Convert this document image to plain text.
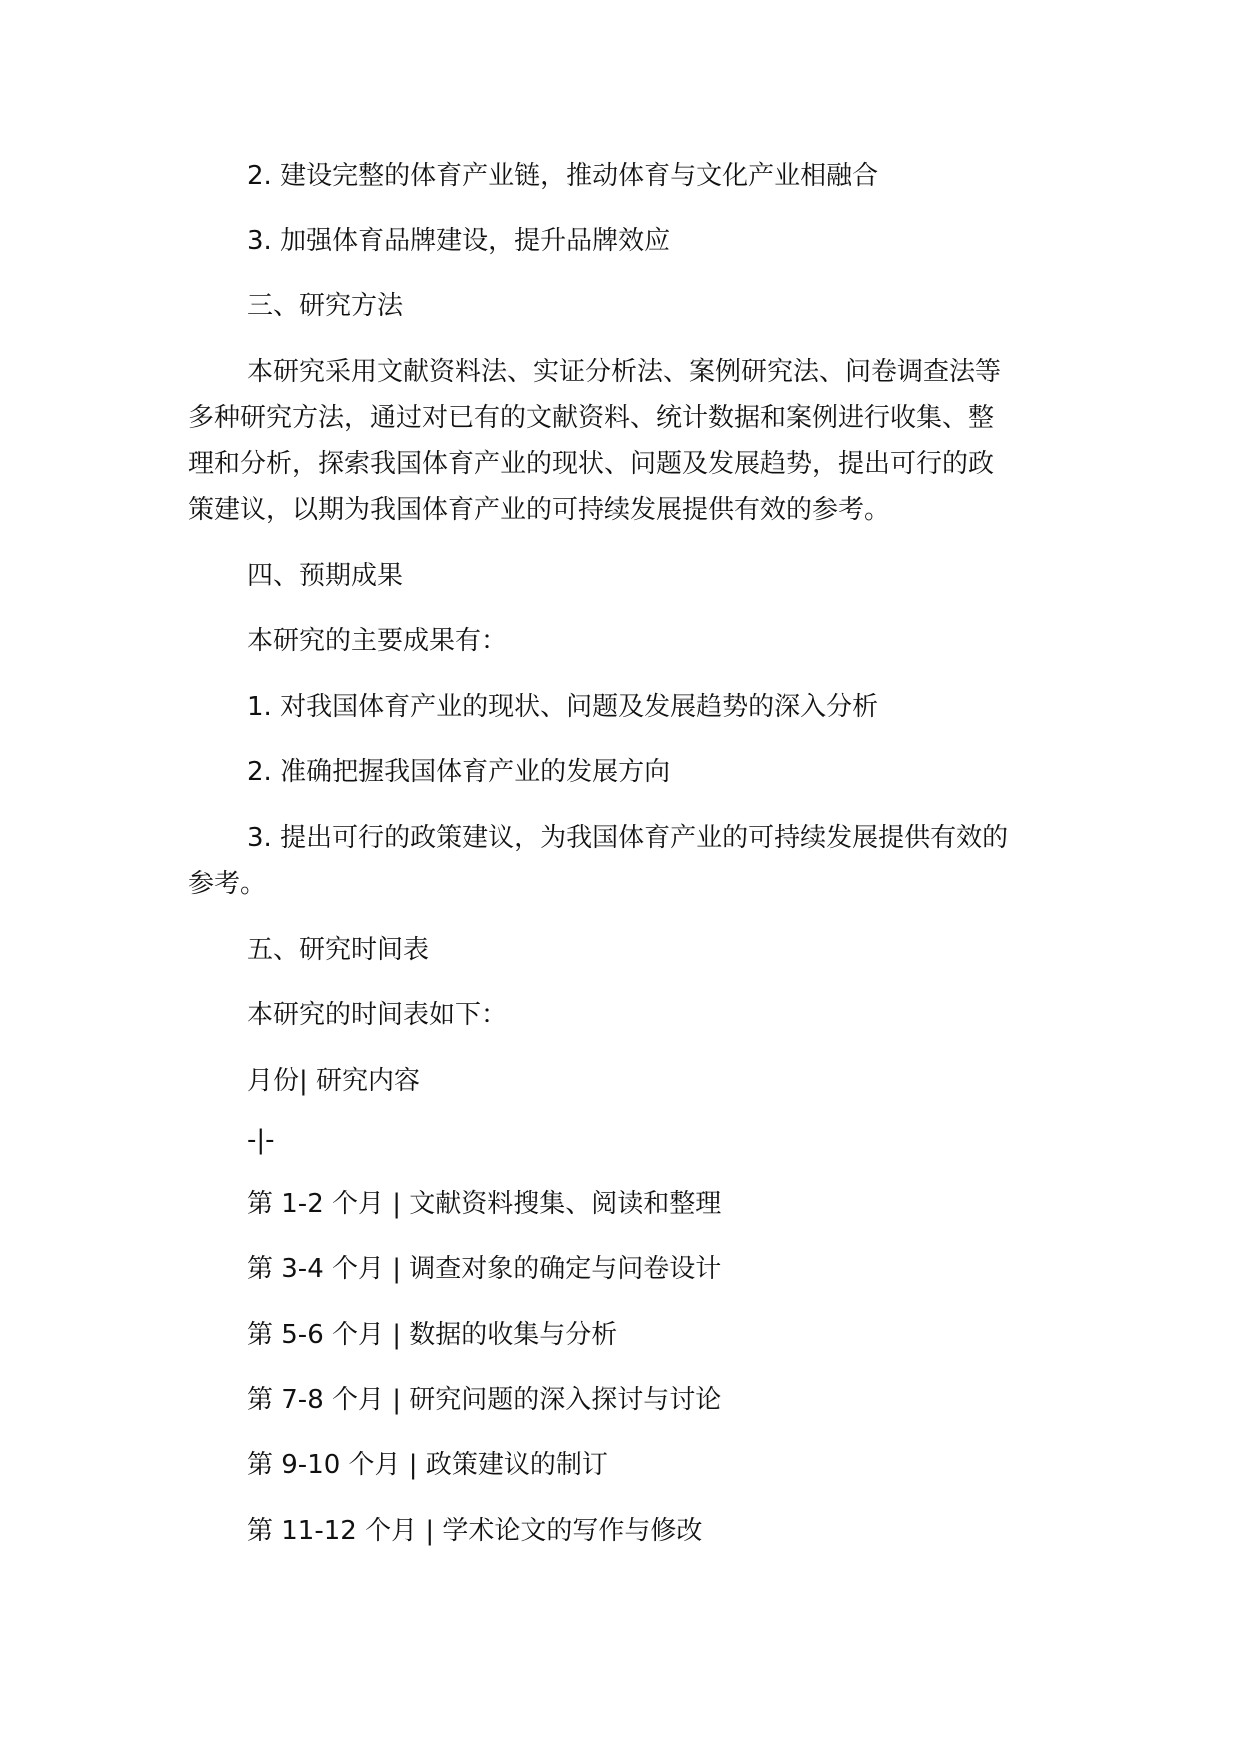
2. 建设完整的体育产业链，推动体育与文化产业相融合

3. 加强体育品牌建设，提升品牌效应

三、研究方法

本研究采用文献资料法、实证分析法、案例研究法、问卷调查法等

多种研究方法，通过对已有的文献资料、统计数据和案例进行收集、整

理和分析，探索我国体育产业的现状、问题及发展趋势，提出可行的政

策建议，以期为我国体育产业的可持续发展提供有效的参考。

四、预期成果

本研究的主要成果有：

1. 对我国体育产业的现状、问题及发展趋势的深入分析

2. 准确把握我国体育产业的发展方向

3. 提出可行的政策建议，为我国体育产业的可持续发展提供有效的

参考。

五、研究时间表

本研究的时间表如下：

月份| 研究内容

-|-

第 1-2 个月 | 文献资料搜集、阅读和整理

第 3-4 个月 | 调查对象的确定与问卷设计

第 5-6 个月 | 数据的收集与分析

第 7-8 个月 | 研究问题的深入探讨与讨论

第 9-10 个月 | 政策建议的制订

第 11-12 个月 | 学术论文的写作与修改
